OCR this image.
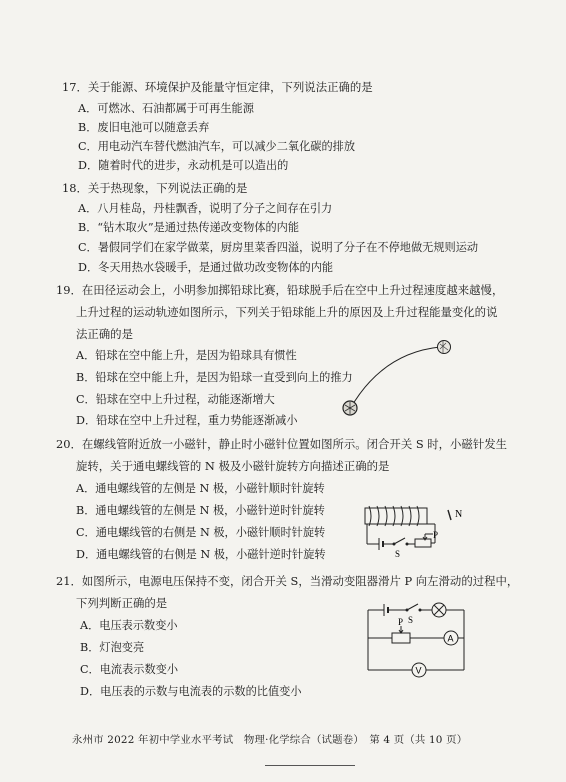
17．关于能源、环境保护及能量守恒定律，下列说法正确的是
A．可燃冰、石油都属于可再生能源
B．废旧电池可以随意丢弃
C．用电动汽车替代燃油汽车，可以减少二氧化碳的排放
D．随着时代的进步，永动机是可以造出的
18．关于热现象，下列说法正确的是
A．八月桂岛，丹桂飘香，说明了分子之间存在引力
B．“钻木取火”是通过热传递改变物体的内能
C．暑假同学们在家学做菜，厨房里菜香四溢，说明了分子在不停地做无规则运动
D．冬天用热水袋暖手，是通过做功改变物体的内能
19．在田径运动会上，小明参加掷铅球比赛，铅球脱手后在空中上升过程速度越来越慢，
上升过程的运动轨迹如图所示，下列关于铅球能上升的原因及上升过程能量变化的说
法正确的是
A．铅球在空中能上升，是因为铅球具有惯性
B．铅球在空中能上升，是因为铅球一直受到向上的推力
C．铅球在空中上升过程，动能逐渐增大
D．铅球在空中上升过程，重力势能逐渐减小
20．在螺线管附近放一小磁针，静止时小磁针位置如图所示。闭合开关 S 时，小磁针发生
旋转，关于通电螺线管的 N 极及小磁针旋转方向描述正确的是
A．通电螺线管的左侧是 N 极，小磁针顺时针旋转
B．通电螺线管的左侧是 N 极，小磁针逆时针旋转
C．通电螺线管的右侧是 N 极，小磁针顺时针旋转
D．通电螺线管的右侧是 N 极，小磁针逆时针旋转	S
P
N
21．如图所示，电源电压保持不变，闭合开关 S，当滑动变阻器滑片 P 向左滑动的过程中，
下列判断正确的是
A．电压表示数变小
B．灯泡变亮
C．电流表示数变小
D．电压表的示数与电流表的示数的比值变小
S
P
A
V
永州市 2022 年初中学业水平考试　物理·化学综合（试题卷）　第 4 页（共 10 页）
